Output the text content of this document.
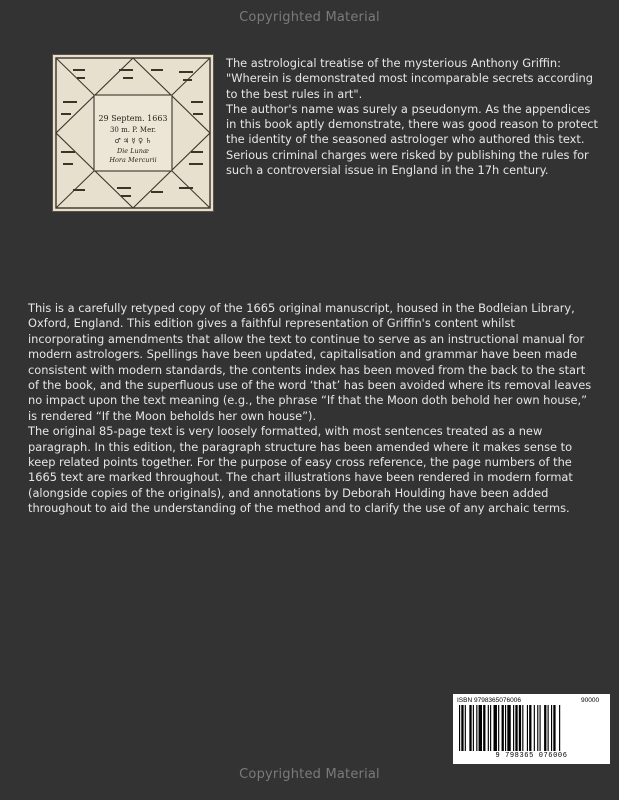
Copyrighted Material
29 Septem. 1663
30 m. P. Mer.
♂ ♃ ☿ ♀ ♄
Die Lunæ
Hora Mercurii

The astrological treatise of the mysterious Anthony Griffin: "Wherein is demonstrated most incomparable secrets according to the best rules in art".

The author's name was surely a pseudonym. As the appendices in this book aptly demonstrate, there was good reason to protect the identity of the seasoned astrologer who authored this text. Serious criminal charges were risked by publishing the rules for such a controversial issue in England in the 17h century.

This is a carefully retyped copy of the 1665 original manuscript, housed in the Bodleian Library, Oxford, England. This edition gives a faithful representation of Griffin's content whilst incorporating amendments that allow the text to continue to serve as an instructional manual for modern astrologers. Spellings have been updated, capitalisation and grammar have been made consistent with modern standards, the contents index has been moved from the back to the start of the book, and the superfluous use of the word ‘that’ has been avoided where its removal leaves no impact upon the text meaning (e.g., the phrase “If that the Moon doth behold her own house,” is rendered “If the Moon beholds her own house”).

The original 85-page text is very loosely formatted, with most sentences treated as a new paragraph. In this edition, the paragraph structure has been amended where it makes sense to keep related points together. For the purpose of easy cross reference, the page numbers of the 1665 text are marked throughout. The chart illustrations have been rendered in modern format (alongside copies of the originals), and annotations by Deborah Houlding have been added throughout to aid the understanding of the method and to clarify the use of any archaic terms.

ISBN 9798365076006	90000
9 798365 076006
Copyrighted Material
